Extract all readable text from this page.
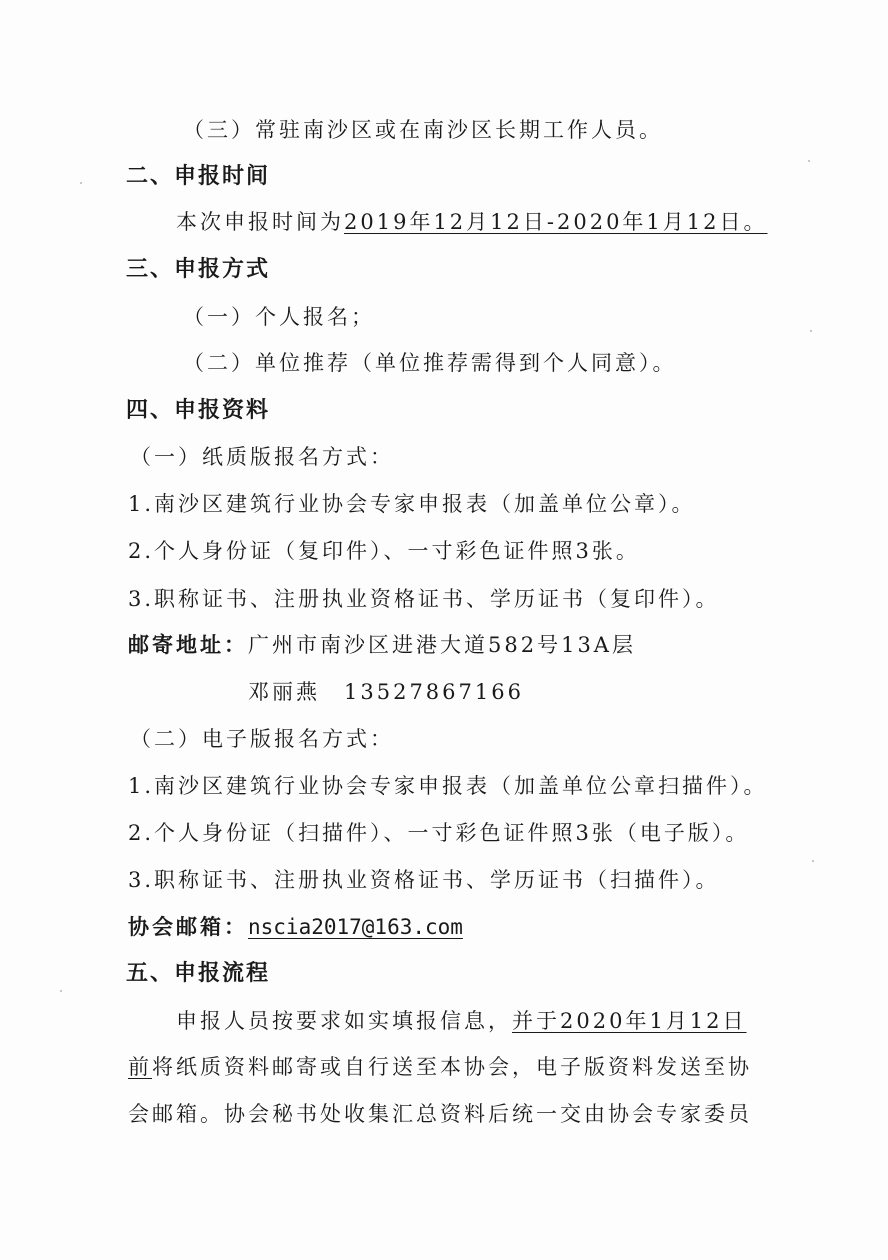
（三）常驻南沙区或在南沙区长期工作人员。
二、申报时间
本次申报时间为2019年12月12日-2020年1月12日。
三、申报方式
（一）个人报名；
（二）单位推荐（单位推荐需得到个人同意）。
四、申报资料
（一）纸质版报名方式：
1.南沙区建筑行业协会专家申报表（加盖单位公章）。
2.个人身份证（复印件）、一寸彩色证件照3张。
3.职称证书、注册执业资格证书、学历证书（复印件）。
邮寄地址：广州市南沙区进港大道582号13A层
邓丽燕　13527867166
（二）电子版报名方式：
1.南沙区建筑行业协会专家申报表（加盖单位公章扫描件）。
2.个人身份证（扫描件）、一寸彩色证件照3张（电子版）。
3.职称证书、注册执业资格证书、学历证书（扫描件）。
协会邮箱：nscia2017@163.com
五、申报流程
申报人员按要求如实填报信息，并于2020年1月12日
前将纸质资料邮寄或自行送至本协会，电子版资料发送至协
会邮箱。协会秘书处收集汇总资料后统一交由协会专家委员
